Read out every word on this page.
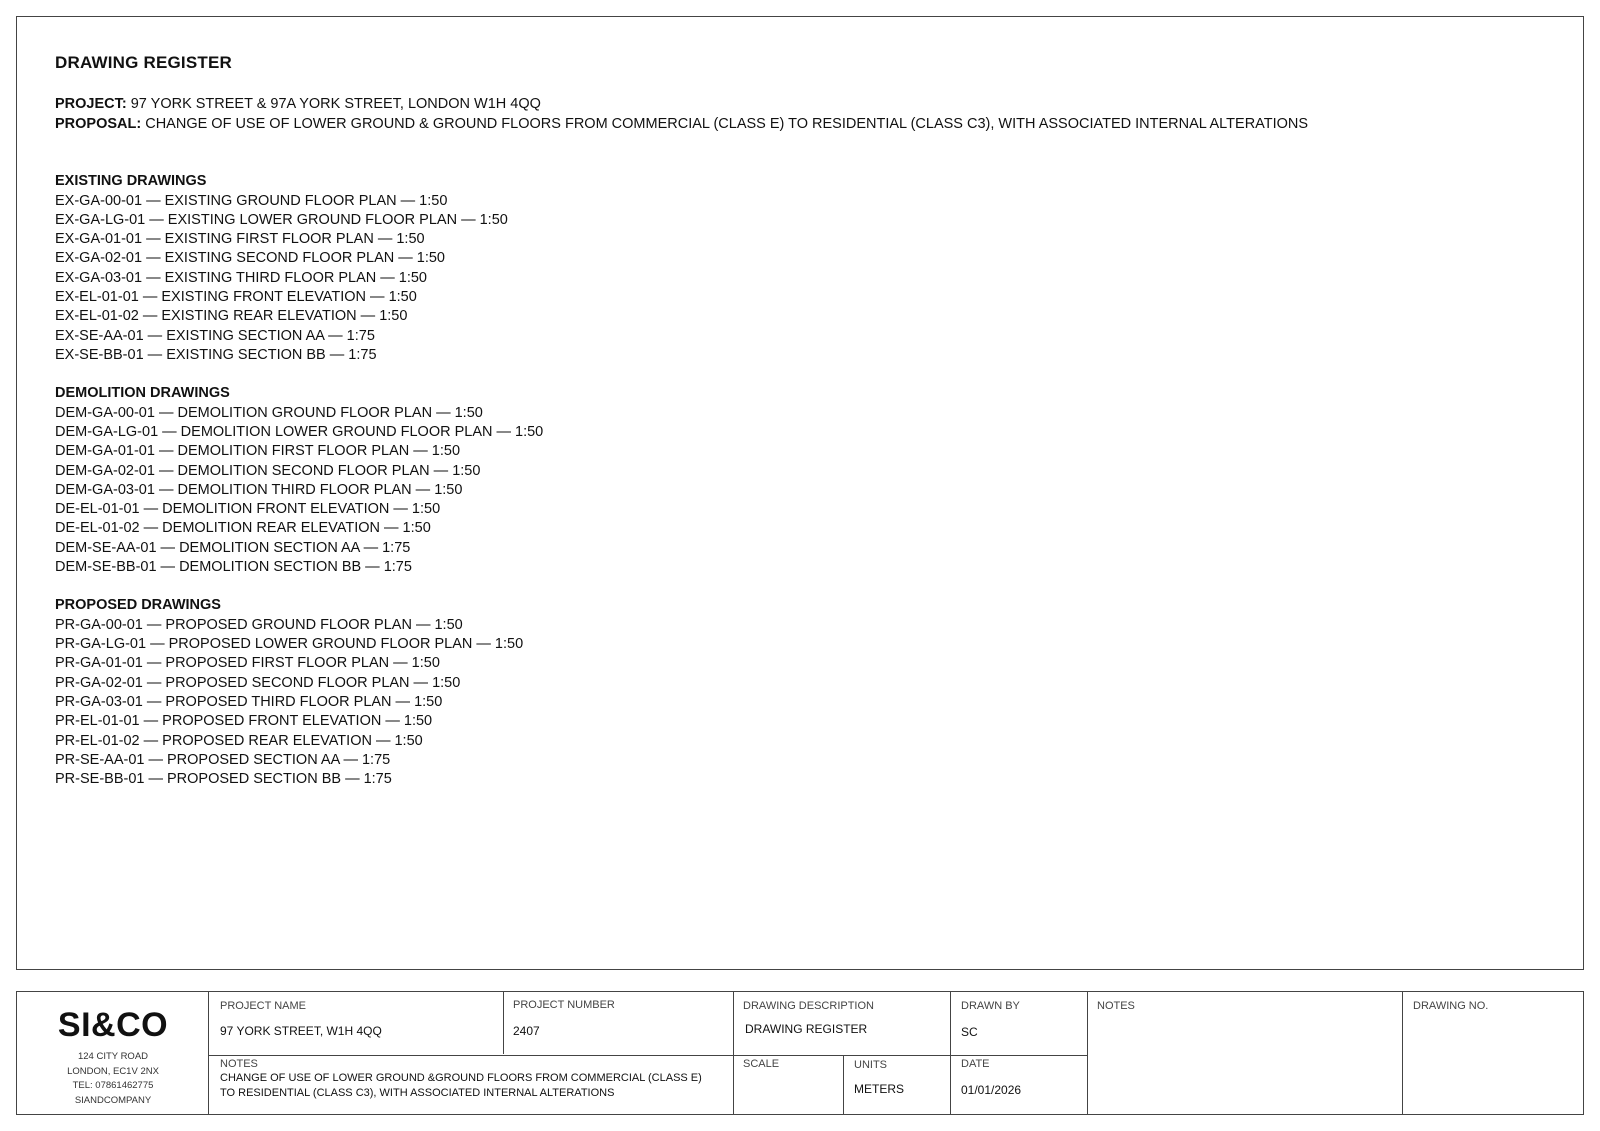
DRAWING REGISTER
PROJECT: 97 YORK STREET & 97A YORK STREET, LONDON W1H 4QQ
PROPOSAL: CHANGE OF USE OF LOWER GROUND & GROUND FLOORS FROM COMMERCIAL (CLASS E) TO RESIDENTIAL (CLASS C3), WITH ASSOCIATED INTERNAL ALTERATIONS
EXISTING DRAWINGS
EX-GA-00-01 — EXISTING GROUND FLOOR PLAN — 1:50
EX-GA-LG-01 — EXISTING LOWER GROUND FLOOR PLAN — 1:50
EX-GA-01-01 — EXISTING FIRST FLOOR PLAN — 1:50
EX-GA-02-01 — EXISTING SECOND FLOOR PLAN — 1:50
EX-GA-03-01 — EXISTING THIRD FLOOR PLAN — 1:50
EX-EL-01-01 — EXISTING FRONT ELEVATION — 1:50
EX-EL-01-02 — EXISTING REAR ELEVATION — 1:50
EX-SE-AA-01 — EXISTING SECTION AA — 1:75
EX-SE-BB-01 — EXISTING SECTION BB — 1:75
DEMOLITION DRAWINGS
DEM-GA-00-01 — DEMOLITION GROUND FLOOR PLAN — 1:50
DEM-GA-LG-01 — DEMOLITION LOWER GROUND FLOOR PLAN — 1:50
DEM-GA-01-01 — DEMOLITION FIRST FLOOR PLAN — 1:50
DEM-GA-02-01 — DEMOLITION SECOND FLOOR PLAN — 1:50
DEM-GA-03-01 — DEMOLITION THIRD FLOOR PLAN — 1:50
DE-EL-01-01 — DEMOLITION FRONT ELEVATION — 1:50
DE-EL-01-02 — DEMOLITION REAR ELEVATION — 1:50
DEM-SE-AA-01 — DEMOLITION SECTION AA — 1:75
DEM-SE-BB-01 — DEMOLITION SECTION BB — 1:75
PROPOSED DRAWINGS
PR-GA-00-01 — PROPOSED GROUND FLOOR PLAN — 1:50
PR-GA-LG-01 — PROPOSED LOWER GROUND FLOOR PLAN — 1:50
PR-GA-01-01 — PROPOSED FIRST FLOOR PLAN — 1:50
PR-GA-02-01 — PROPOSED SECOND FLOOR PLAN — 1:50
PR-GA-03-01 — PROPOSED THIRD FLOOR PLAN — 1:50
PR-EL-01-01 — PROPOSED FRONT ELEVATION — 1:50
PR-EL-01-02 — PROPOSED REAR ELEVATION — 1:50
PR-SE-AA-01 — PROPOSED SECTION AA — 1:75
PR-SE-BB-01 — PROPOSED SECTION BB — 1:75
SI&CO
124 CITY ROAD
LONDON, EC1V 2NX
TEL: 07861462775
SIANDCOMPANY
PROJECT NAME
97 YORK STREET, W1H 4QQ
PROJECT NUMBER
2407
DRAWING DESCRIPTION
DRAWING REGISTER
DRAWN BY
SC
NOTES	DRAWING NO.
NOTES
CHANGE OF USE OF LOWER GROUND &GROUND FLOORS FROM COMMERCIAL (CLASS E)
TO RESIDENTIAL (CLASS C3), WITH ASSOCIATED INTERNAL ALTERATIONS
SCALE	UNITS
METERS
DATE
01/01/2026
